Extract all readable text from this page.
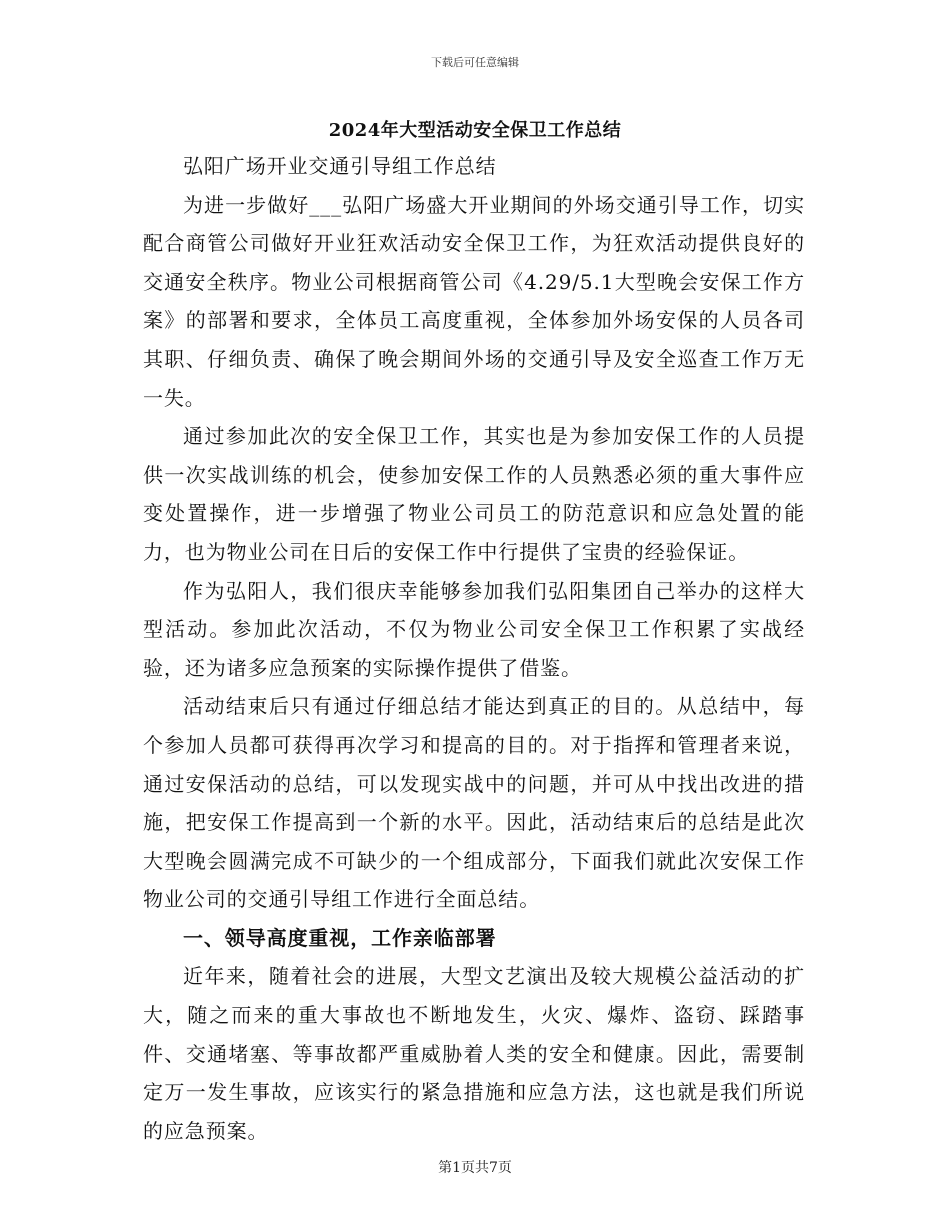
下载后可任意编辑
2024年大型活动安全保卫工作总结

弘阳广场开业交通引导组工作总结

为进一步做好___弘阳广场盛大开业期间的外场交通引导工作，切实配合商管公司做好开业狂欢活动安全保卫工作，为狂欢活动提供良好的交通安全秩序。物业公司根据商管公司《4.29/5.1大型晚会安保工作方案》的部署和要求，全体员工高度重视，全体参加外场安保的人员各司其职、仔细负责、确保了晚会期间外场的交通引导及安全巡查工作万无一失。

通过参加此次的安全保卫工作，其实也是为参加安保工作的人员提供一次实战训练的机会，使参加安保工作的人员熟悉必须的重大事件应变处置操作，进一步增强了物业公司员工的防范意识和应急处置的能力，也为物业公司在日后的安保工作中行提供了宝贵的经验保证。

作为弘阳人，我们很庆幸能够参加我们弘阳集团自己举办的这样大型活动。参加此次活动，不仅为物业公司安全保卫工作积累了实战经验，还为诸多应急预案的实际操作提供了借鉴。

活动结束后只有通过仔细总结才能达到真正的目的。从总结中，每个参加人员都可获得再次学习和提高的目的。对于指挥和管理者来说，通过安保活动的总结，可以发现实战中的问题，并可从中找出改进的措施，把安保工作提高到一个新的水平。因此，活动结束后的总结是此次大型晚会圆满完成不可缺少的一个组成部分，下面我们就此次安保工作物业公司的交通引导组工作进行全面总结。

一、领导高度重视，工作亲临部署

近年来，随着社会的进展，大型文艺演出及较大规模公益活动的扩大，随之而来的重大事故也不断地发生，火灾、爆炸、盗窃、踩踏事件、交通堵塞、等事故都严重威胁着人类的安全和健康。因此，需要制定万一发生事故，应该实行的紧急措施和应急方法，这也就是我们所说的应急预案。

第1页共7页
